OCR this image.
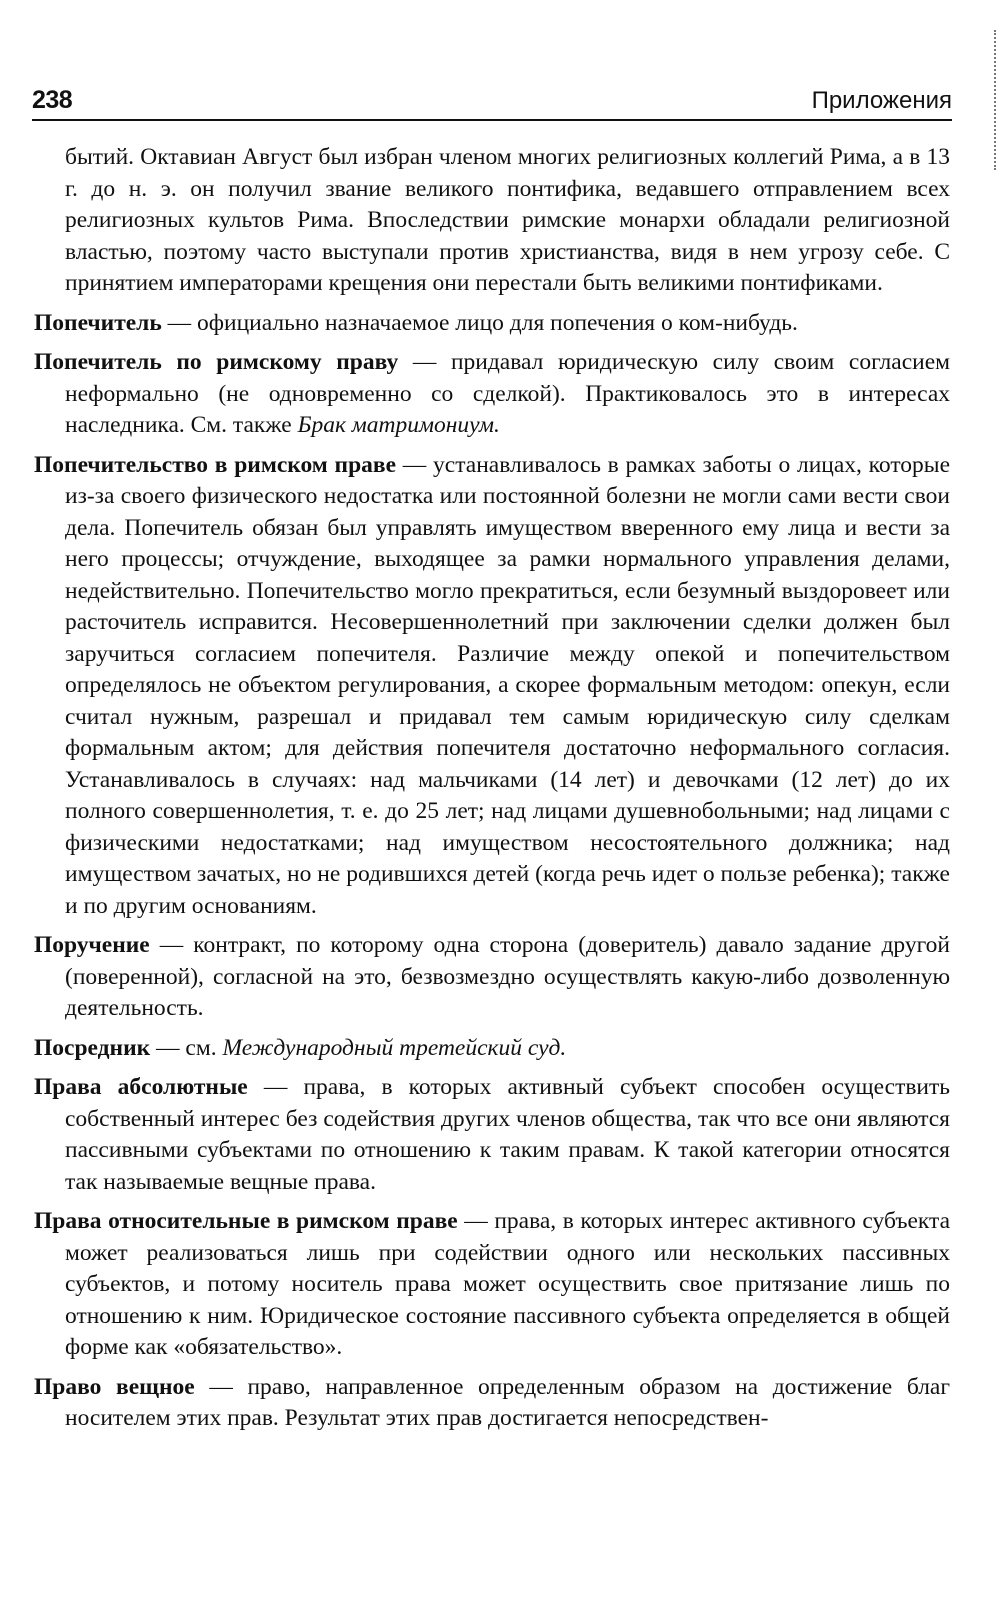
238	Приложения

бытий. Октавиан Август был избран членом многих религиозных коллегий Рима, а в 13 г. до н. э. он получил звание великого понтифика, ведавшего отправлением всех религиозных культов Рима. Впоследствии римские монархи обладали религиозной властью, поэтому часто выступали против христианства, видя в нем угрозу себе. С принятием императорами крещения они перестали быть великими понтификами.

Попечитель — официально назначаемое лицо для попечения о ком-нибудь.

Попечитель по римскому праву — придавал юридическую силу своим согласием неформально (не одновременно со сделкой). Практиковалось это в интересах наследника. См. также Брак матримониум.

Попечительство в римском праве — устанавливалось в рамках заботы о лицах, которые из-за своего физического недостатка или постоянной болезни не могли сами вести свои дела. Попечитель обязан был управлять имуществом вверенного ему лица и вести за него процессы; отчуждение, выходящее за рамки нормального управления делами, недействительно. Попечительство могло прекратиться, если безумный выздоровеет или расточитель исправится. Несовершеннолетний при заключении сделки должен был заручиться согласием попечителя. Различие между опекой и попечительством определялось не объектом регулирования, а скорее формальным методом: опекун, если считал нужным, разрешал и придавал тем самым юридическую силу сделкам формальным актом; для действия попечителя достаточно неформального согласия. Устанавливалось в случаях: над мальчиками (14 лет) и девочками (12 лет) до их полного совершеннолетия, т. е. до 25 лет; над лицами душевнобольными; над лицами с физическими недостатками; над имуществом несостоятельного должника; над имуществом зачатых, но не родившихся детей (когда речь идет о пользе ребенка); также и по другим основаниям.

Поручение — контракт, по которому одна сторона (доверитель) давало задание другой (поверенной), согласной на это, безвозмездно осуществлять какую-либо дозволенную деятельность.

Посредник — см. Международный третейский суд.

Права абсолютные — права, в которых активный субъект способен осуществить собственный интерес без содействия других членов общества, так что все они являются пассивными субъектами по отношению к таким правам. К такой категории относятся так называемые вещные права.

Права относительные в римском праве — права, в которых интерес активного субъекта может реализоваться лишь при содействии одного или нескольких пассивных субъектов, и потому носитель права может осуществить свое притязание лишь по отношению к ним. Юридическое состояние пассивного субъекта определяется в общей форме как «обязательство».

Право вещное — право, направленное определенным образом на достижение благ носителем этих прав. Результат этих прав достигается непосредствен-
